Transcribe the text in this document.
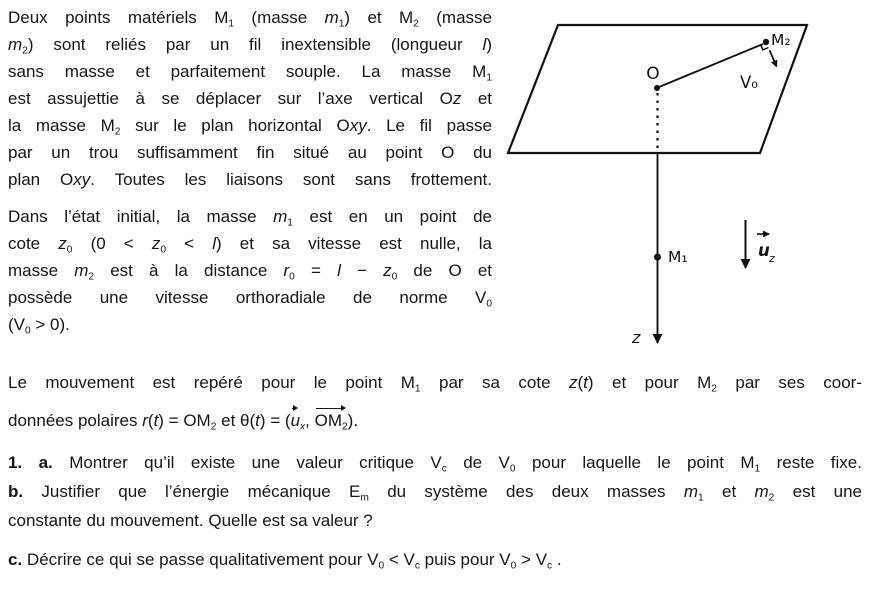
Deux points matériels $M_1$ (masse $m_1$) et $M_2$ (masse
$m_2$) sont reliés par un fil inextensible (longueur l)
sans masse et parfaitement souple. La masse $M_1$
est assujettie à se déplacer sur l’axe vertical Oz et
la masse $M_2$ sur le plan horizontal Oxy. Le fil passe
par un trou suffisamment fin situé au point O du
plan Oxy. Toutes les liaisons sont sans frottement.
Dans l’état initial, la masse $m_1$ est en un point de
cote $z_0$ $(0 < z_0 < l)$ et sa vitesse est nulle, la
masse $m_2$ est à la distance $r_0 = l - z_0$ de O et
possède une vitesse orthoradiale de norme $V_0$
$(V_0 > 0)$.
Le mouvement est repéré pour le point $M_1$ par sa cote z(t) et pour $M_2$ par ses coor-
données polaires $r(t) = OM_2$ et $\theta(t) = (u_x$, $OM_2$).
1. a. Montrer qu’il existe une valeur critique $V_c$ de $V_0$ pour laquelle le point $M_1$ reste fixe.
b. Justifier que l’énergie mécanique $E_m$ du système des deux masses $m_1$ et $m_2$ est une
constante du mouvement. Quelle est sa valeur ?
c. Décrire ce qui se passe qualitativement pour $V_0 < V_c$ puis pour $V_0 > V_c$ .
O
M₂
V₀
M₁
z
u z
